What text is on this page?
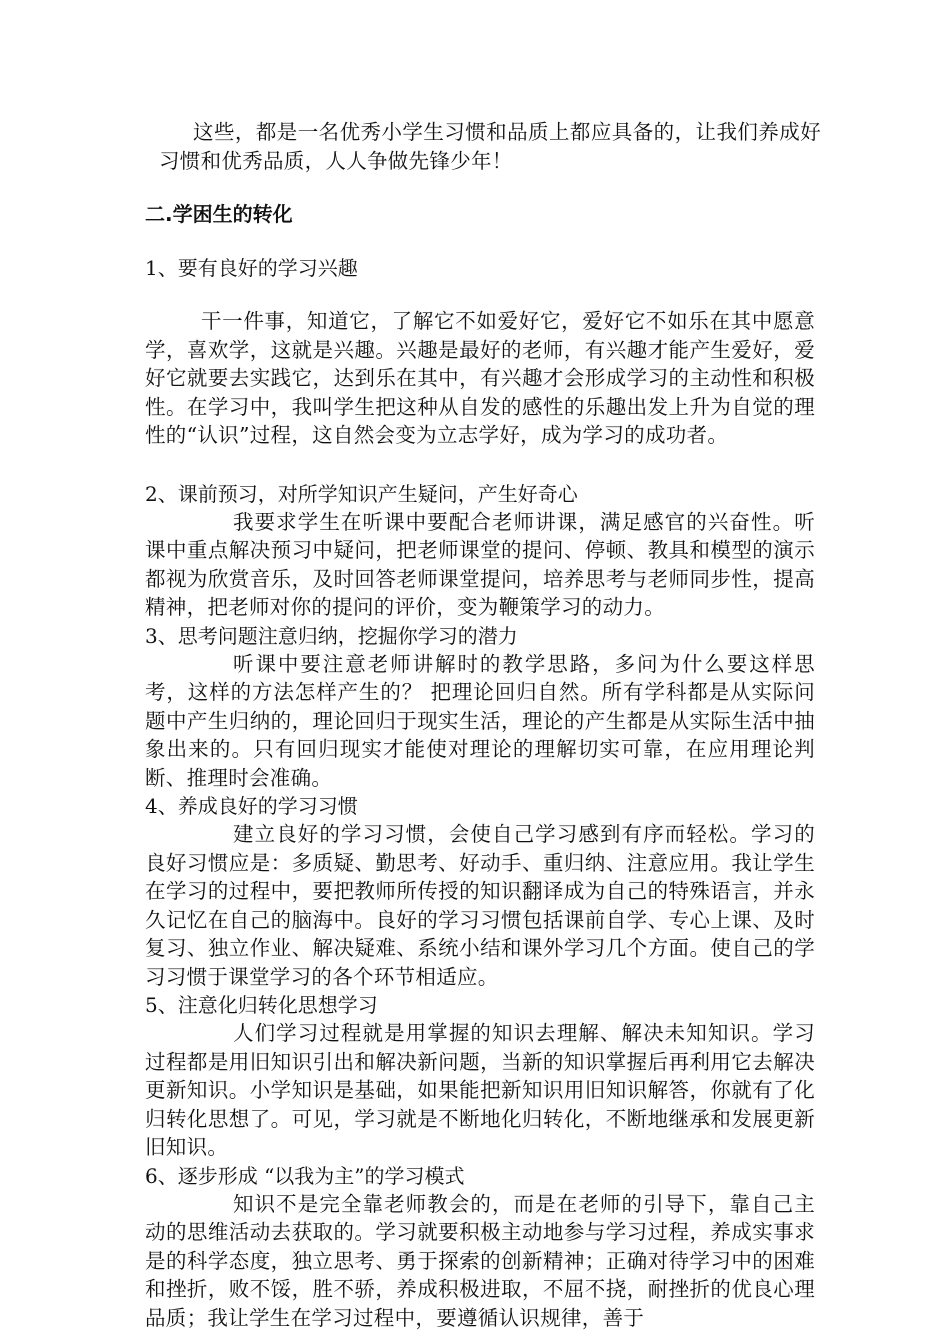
这些，都是一名优秀小学生习惯和品质上都应具备的，让我们养成好习惯和优秀品质，人人争做先锋少年！

二.学困生的转化

1、要有良好的学习兴趣

干一件事，知道它，了解它不如爱好它，爱好它不如乐在其中愿意学，喜欢学，这就是兴趣。兴趣是最好的老师，有兴趣才能产生爱好，爱好它就要去实践它，达到乐在其中，有兴趣才会形成学习的主动性和积极性。在学习中，我叫学生把这种从自发的感性的乐趣出发上升为自觉的理性的“认识”过程，这自然会变为立志学好，成为学习的成功者。

2、课前预习，对所学知识产生疑问，产生好奇心

我要求学生在听课中要配合老师讲课，满足感官的兴奋性。听课中重点解决预习中疑问，把老师课堂的提问、停顿、教具和模型的演示都视为欣赏音乐，及时回答老师课堂提问，培养思考与老师同步性，提高精神，把老师对你的提问的评价，变为鞭策学习的动力。

3、思考问题注意归纳，挖掘你学习的潜力

听课中要注意老师讲解时的教学思路，多问为什么要这样思考，这样的方法怎样产生的？ 把理论回归自然。所有学科都是从实际问题中产生归纳的，理论回归于现实生活，理论的产生都是从实际生活中抽象出来的。只有回归现实才能使对理论的理解切实可靠，在应用理论判断、推理时会准确。

4、养成良好的学习习惯

建立良好的学习习惯，会使自己学习感到有序而轻松。学习的良好习惯应是：多质疑、勤思考、好动手、重归纳、注意应用。我让学生在学习的过程中，要把教师所传授的知识翻译成为自己的特殊语言，并永久记忆在自己的脑海中。良好的学习习惯包括课前自学、专心上课、及时复习、独立作业、解决疑难、系统小结和课外学习几个方面。使自己的学习习惯于课堂学习的各个环节相适应。

5、注意化归转化思想学习

人们学习过程就是用掌握的知识去理解、解决未知知识。学习过程都是用旧知识引出和解决新问题，当新的知识掌握后再利用它去解决更新知识。小学知识是基础，如果能把新知识用旧知识解答，你就有了化归转化思想了。可见，学习就是不断地化归转化，不断地继承和发展更新旧知识。

6、逐步形成 “以我为主”的学习模式

知识不是完全靠老师教会的，而是在老师的引导下，靠自己主动的思维活动去获取的。学习就要积极主动地参与学习过程，养成实事求是的科学态度，独立思考、勇于探索的创新精神；正确对待学习中的困难和挫折，败不馁，胜不骄，养成积极进取，不屈不挠，耐挫折的优良心理品质；我让学生在学习过程中，要遵循认识规律，善于
